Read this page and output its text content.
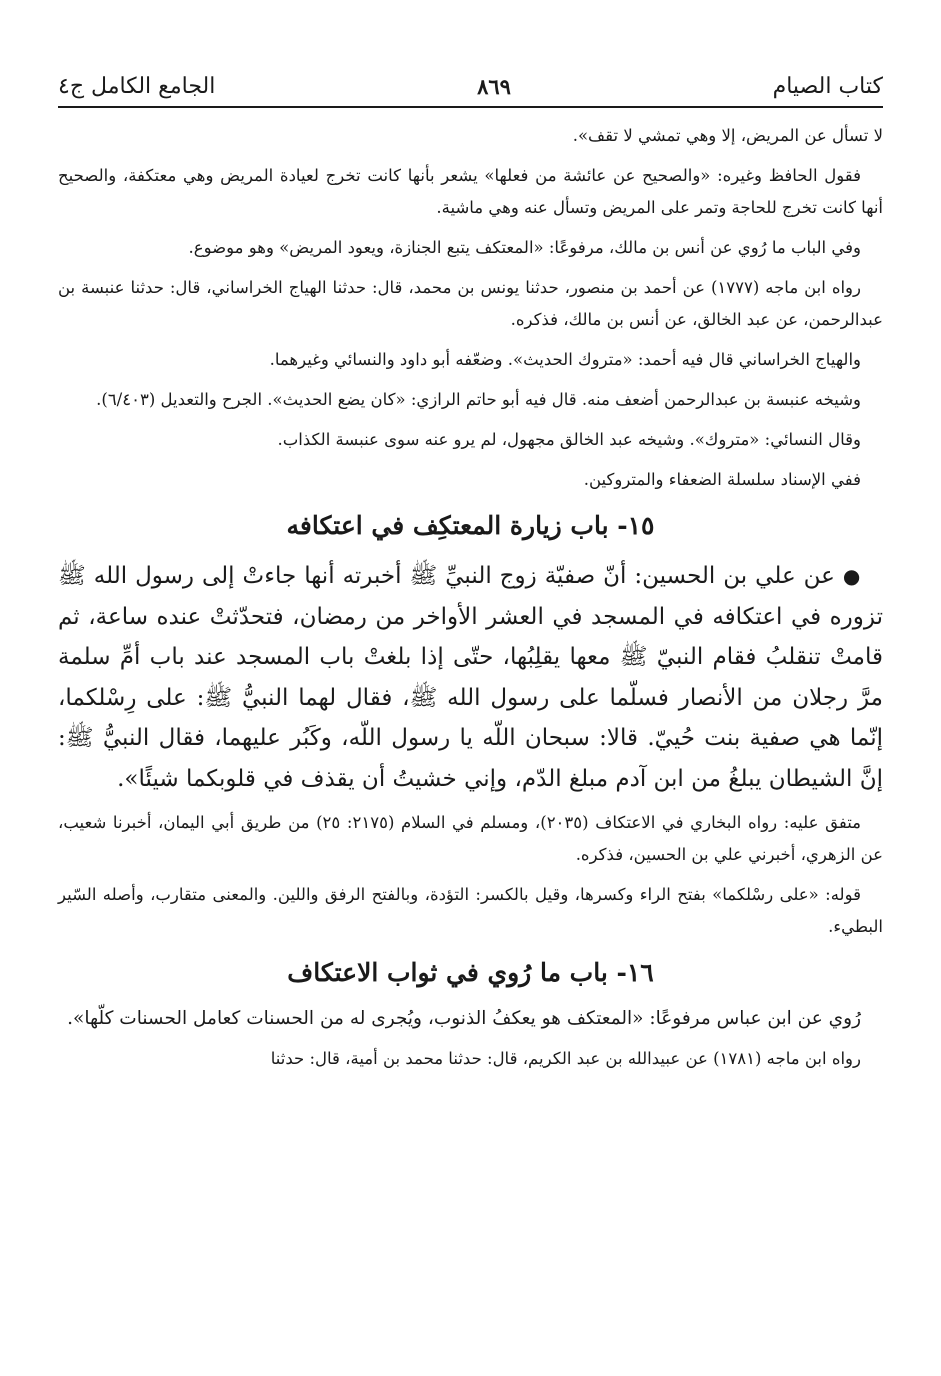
كتاب الصيام
٨٦٩
الجامع الكامل ج٤

لا تسأل عن المريض، إلا وهي تمشي لا تقف».

فقول الحافظ وغيره: «والصحيح عن عائشة من فعلها» يشعر بأنها كانت تخرج لعيادة المريض وهي معتكفة، والصحيح أنها كانت تخرج للحاجة وتمر على المريض وتسأل عنه وهي ماشية.

وفي الباب ما رُوي عن أنس بن مالك، مرفوعًا: «المعتكف يتبع الجنازة، ويعود المريض» وهو موضوع.

رواه ابن ماجه (١٧٧٧) عن أحمد بن منصور، حدثنا يونس بن محمد، قال: حدثنا الهياج الخراساني، قال: حدثنا عنبسة بن عبدالرحمن، عن عبد الخالق، عن أنس بن مالك، فذكره.

والهياج الخراساني قال فيه أحمد: «متروك الحديث». وضعّفه أبو داود والنسائي وغيرهما.

وشيخه عنبسة بن عبدالرحمن أضعف منه. قال فيه أبو حاتم الرازي: «كان يضع الحديث». الجرح والتعديل (٦/٤٠٣).

وقال النسائي: «متروك». وشيخه عبد الخالق مجهول، لم يرو عنه سوى عنبسة الكذاب.

ففي الإسناد سلسلة الضعفاء والمتروكين.

١٥- باب زيارة المعتكِف في اعتكافه

●عن علي بن الحسين: أنّ صفيّة زوج النبيِّ ﷺ أخبرته أنها جاءتْ إلى رسول الله ﷺ تزوره في اعتكافه في المسجد في العشر الأواخر من رمضان، فتحدّثتْ عنده ساعة، ثم قامتْ تنقلبُ فقام النبيّ ﷺ معها يقلِبُها، حتّى إذا بلغتْ باب المسجد عند باب أمِّ سلمة مرَّ رجلان من الأنصار فسلّما على رسول الله ﷺ، فقال لهما النبيُّ ﷺ: على رِسْلكما، إنّما هي صفية بنت حُييّ. قالا: سبحان اللّه يا رسول اللّه، وكَبُر عليهما، فقال النبيُّ ﷺ: إنَّ الشيطان يبلغُ من ابن آدم مبلغ الدّم، وإني خشيتُ أن يقذف في قلوبكما شيئًا».

متفق عليه: رواه البخاري في الاعتكاف (٢٠٣٥)، ومسلم في السلام (٢١٧٥: ٢٥) من طريق أبي اليمان، أخبرنا شعيب، عن الزهري، أخبرني علي بن الحسين، فذكره.

قوله: «على رسْلكما» بفتح الراء وكسرها، وقيل بالكسر: التؤدة، وبالفتح الرفق واللين. والمعنى متقارب، وأصله السّير البطيء.

١٦- باب ما رُوي في ثواب الاعتكاف

رُوي عن ابن عباس مرفوعًا: «المعتكف هو يعكفُ الذنوب، ويُجرى له من الحسنات كعامل الحسنات كلّها».

رواه ابن ماجه (١٧٨١) عن عبيدالله بن عبد الكريم، قال: حدثنا محمد بن أمية، قال: حدثنا
